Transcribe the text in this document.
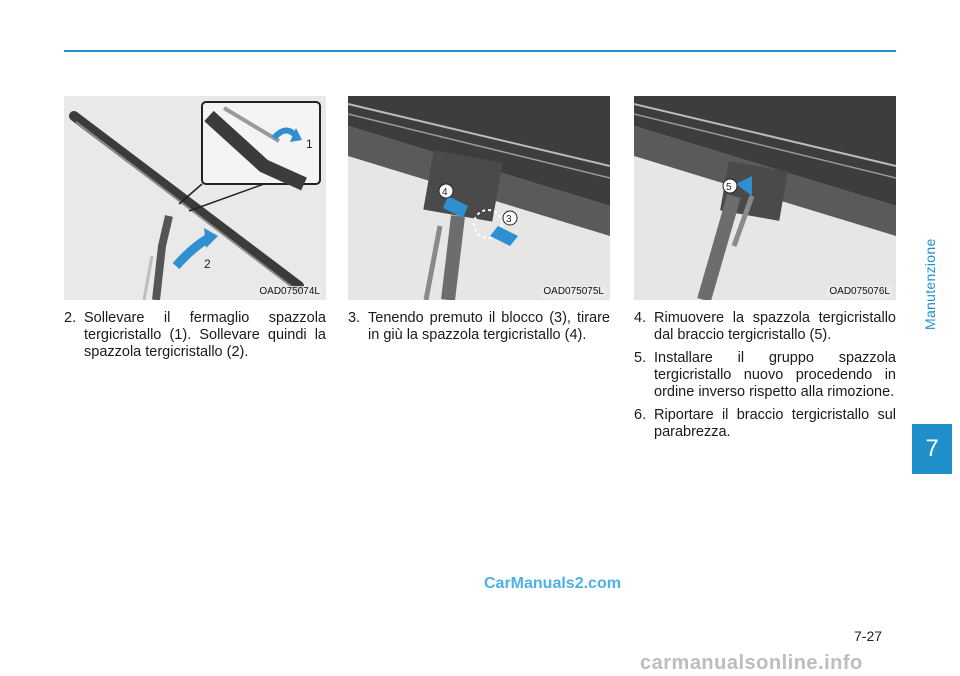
Manutenzione
7
2
1
OAD075074L
4
3
OAD075075L
5
OAD075076L
2. Sollevare il fermaglio spazzola tergicristallo (1). Sollevare quindi la spazzola tergicristallo (2).
3. Tenendo premuto il blocco (3), tirare in giù la spazzola tergicristallo (4).
4. Rimuovere la spazzola tergicristallo dal braccio tergicristallo (5).
5. Installare il gruppo spazzola tergicristallo nuovo procedendo in ordine inverso rispetto alla rimozione.
6. Riportare il braccio tergicristallo sul parabrezza.
CarManuals2.com
7-27
carmanualsonline.info
